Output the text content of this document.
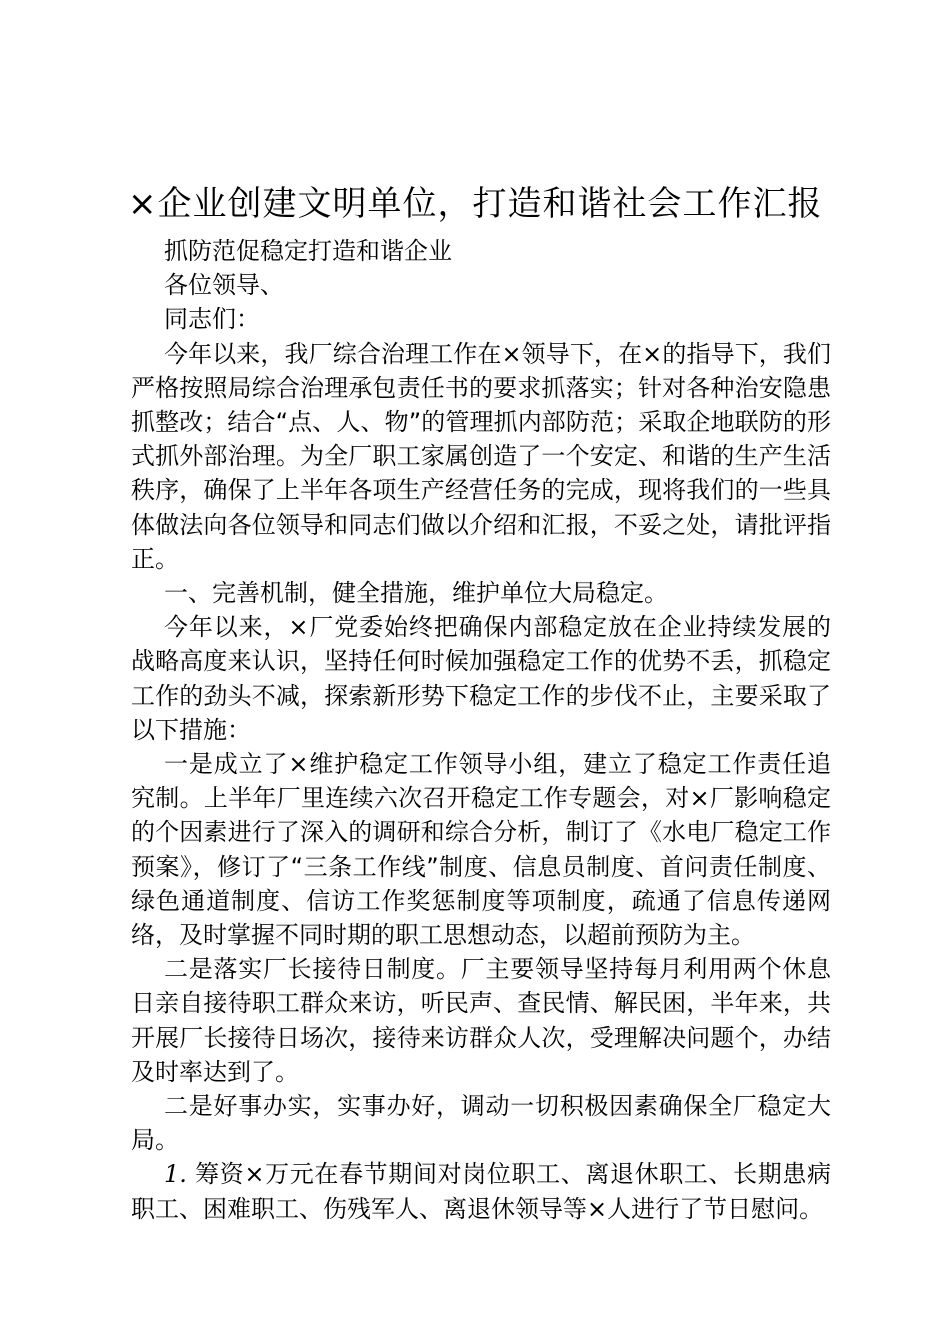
×企业创建文明单位，打造和谐社会工作汇报

抓防范促稳定打造和谐企业

各位领导、

同志们：

今年以来，我厂综合治理工作在×领导下，在×的指导下，我们严格按照局综合治理承包责任书的要求抓落实；针对各种治安隐患抓整改；结合“点、人、物”的管理抓内部防范；采取企地联防的形式抓外部治理。为全厂职工家属创造了一个安定、和谐的生产生活秩序，确保了上半年各项生产经营任务的完成，现将我们的一些具体做法向各位领导和同志们做以介绍和汇报，不妥之处，请批评指正。

一、完善机制，健全措施，维护单位大局稳定。

今年以来，×厂党委始终把确保内部稳定放在企业持续发展的战略高度来认识，坚持任何时候加强稳定工作的优势不丢，抓稳定工作的劲头不减，探索新形势下稳定工作的步伐不止，主要采取了以下措施：

一是成立了×维护稳定工作领导小组，建立了稳定工作责任追究制。上半年厂里连续六次召开稳定工作专题会，对×厂影响稳定的个因素进行了深入的调研和综合分析，制订了《水电厂稳定工作预案》，修订了“三条工作线”制度、信息员制度、首问责任制度、绿色通道制度、信访工作奖惩制度等项制度，疏通了信息传递网络，及时掌握不同时期的职工思想动态，以超前预防为主。

二是落实厂长接待日制度。厂主要领导坚持每月利用两个休息日亲自接待职工群众来访，听民声、查民情、解民困，半年来，共开展厂长接待日场次，接待来访群众人次，受理解决问题个，办结及时率达到了。

二是好事办实，实事办好，调动一切积极因素确保全厂稳定大局。

1. 筹资×万元在春节期间对岗位职工、离退休职工、长期患病职工、困难职工、伤残军人、离退休领导等×人进行了节日慰问。
